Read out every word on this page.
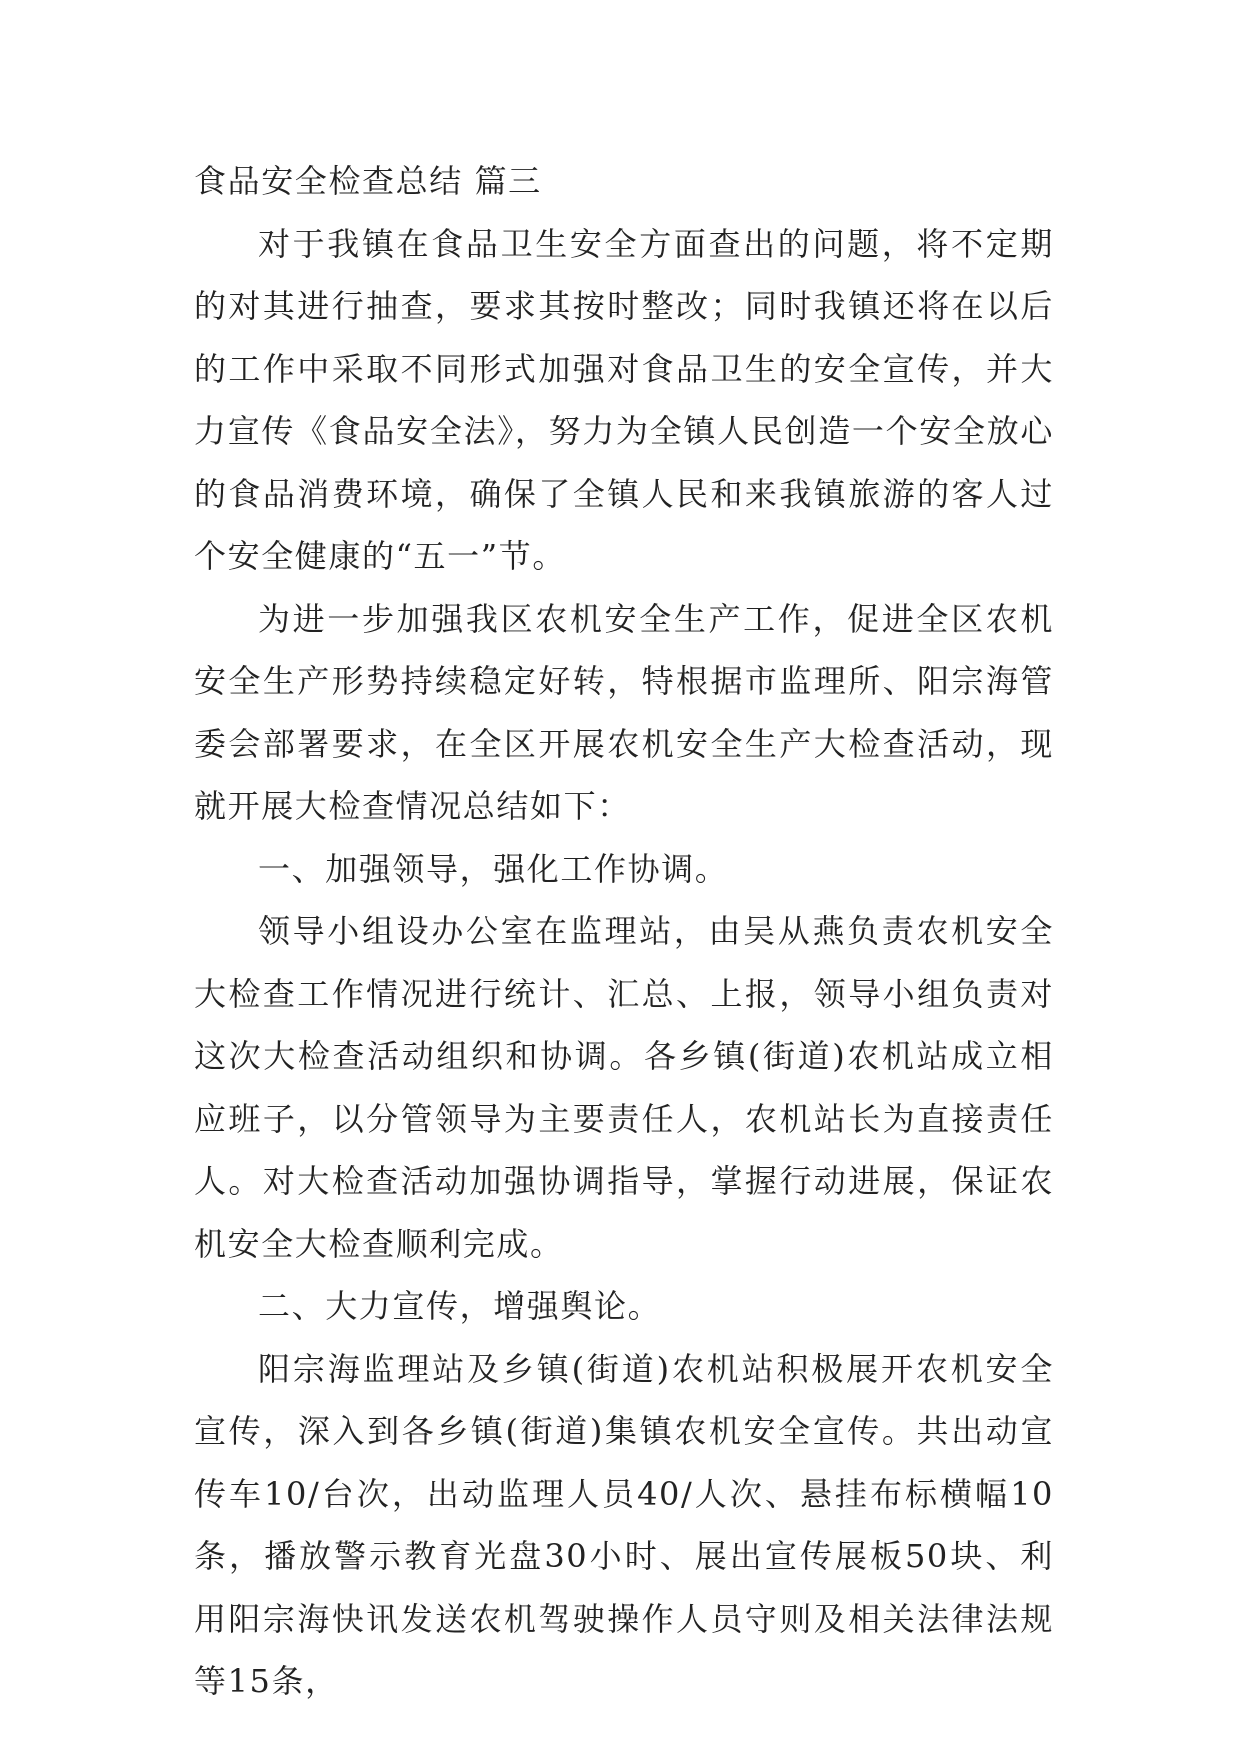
食品安全检查总结 篇三

对于我镇在食品卫生安全方面查出的问题，将不定期的对其进行抽查，要求其按时整改；同时我镇还将在以后的工作中采取不同形式加强对食品卫生的安全宣传，并大力宣传《食品安全法》，努力为全镇人民创造一个安全放心的食品消费环境，确保了全镇人民和来我镇旅游的客人过个安全健康的“五一”节。

为进一步加强我区农机安全生产工作，促进全区农机安全生产形势持续稳定好转，特根据市监理所、阳宗海管委会部署要求，在全区开展农机安全生产大检查活动，现就开展大检查情况总结如下：

一、加强领导，强化工作协调。

领导小组设办公室在监理站，由吴从燕负责农机安全大检查工作情况进行统计、汇总、上报，领导小组负责对这次大检查活动组织和协调。各乡镇(街道)农机站成立相应班子，以分管领导为主要责任人，农机站长为直接责任人。对大检查活动加强协调指导，掌握行动进展，保证农机安全大检查顺利完成。

二、大力宣传，增强舆论。

阳宗海监理站及乡镇(街道)农机站积极展开农机安全宣传，深入到各乡镇(街道)集镇农机安全宣传。共出动宣传车10/台次，出动监理人员40/人次、悬挂布标横幅10条，播放警示教育光盘30小时、展出宣传展板50块、利用阳宗海快讯发送农机驾驶操作人员守则及相关法律法规等15条，
